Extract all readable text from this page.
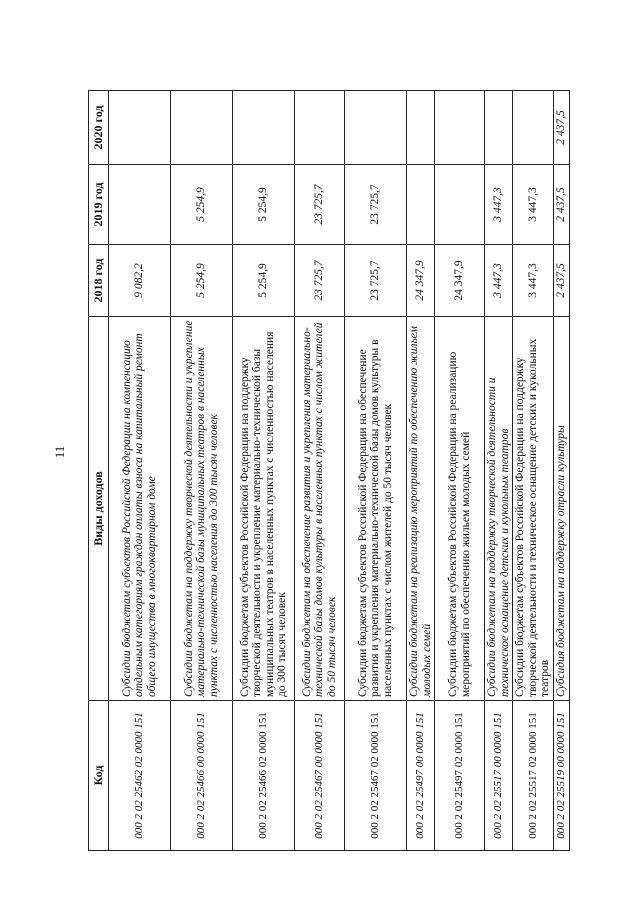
11
Код	Виды доходов	2018 год	2019 год	2020 год
000 2 02 25462 02 0000 151	Субсидии бюджетам субъектов Российской Федерации на компенсацию отдельным категориям граждан оплаты взноса на капитальный ремонт общего имущества в многоквартирном доме	9 082,2		
000 2 02 25466 00 0000 151	Субсидии бюджетам на поддержку творческой деятельности и укрепление материально-технической базы муниципальных театров в населенных пунктах с численностью населения до 300 тысяч человек	5 254,9	5 254,9	
000 2 02 25466 02 0000 151	Субсидии бюджетам субъектов Российской Федерации на поддержку творческой деятельности и укрепление материально-технической базы муниципальных театров в населенных пунктах с численностью населения до 300 тысяч человек	5 254,9	5 254,9	
000 2 02 25467 00 0000 151	Субсидии бюджетам на обеспечение развития и укрепления материально-технической базы домов культуры в населенных пунктах с числом жителей до 50 тысяч человек	23 725,7	23 725,7	
000 2 02 25467 02 0000 151	Субсидии бюджетам субъектов Российской Федерации на обеспечение развития и укрепления материально-технической базы домов культуры в населенных пунктах с числом жителей до 50 тысяч человек	23 725,7	23 725,7	
000 2 02 25497 00 0000 151	Субсидии бюджетам на реализацию мероприятий по обеспечению жильем молодых семей	24 347,9		
000 2 02 25497 02 0000 151	Субсидии бюджетам субъектов Российской Федерации на реализацию мероприятий по обеспечению жильем молодых семей	24 347,9		
000 2 02 25517 00 0000 151	Субсидии бюджетам на поддержку творческой деятельности и техническое оснащение детских и кукольных театров	3 447,3	3 447,3	
000 2 02 25517 02 0000 151	Субсидии бюджетам субъектов Российской Федерации на поддержку творческой деятельности и техническое оснащение детских и кукольных театров	3 447,3	3 447,3	
000 2 02 25519 00 0000 151	Субсидия бюджетам на поддержку отрасли культуры	2 437,5	2 437,5	2 437,5
